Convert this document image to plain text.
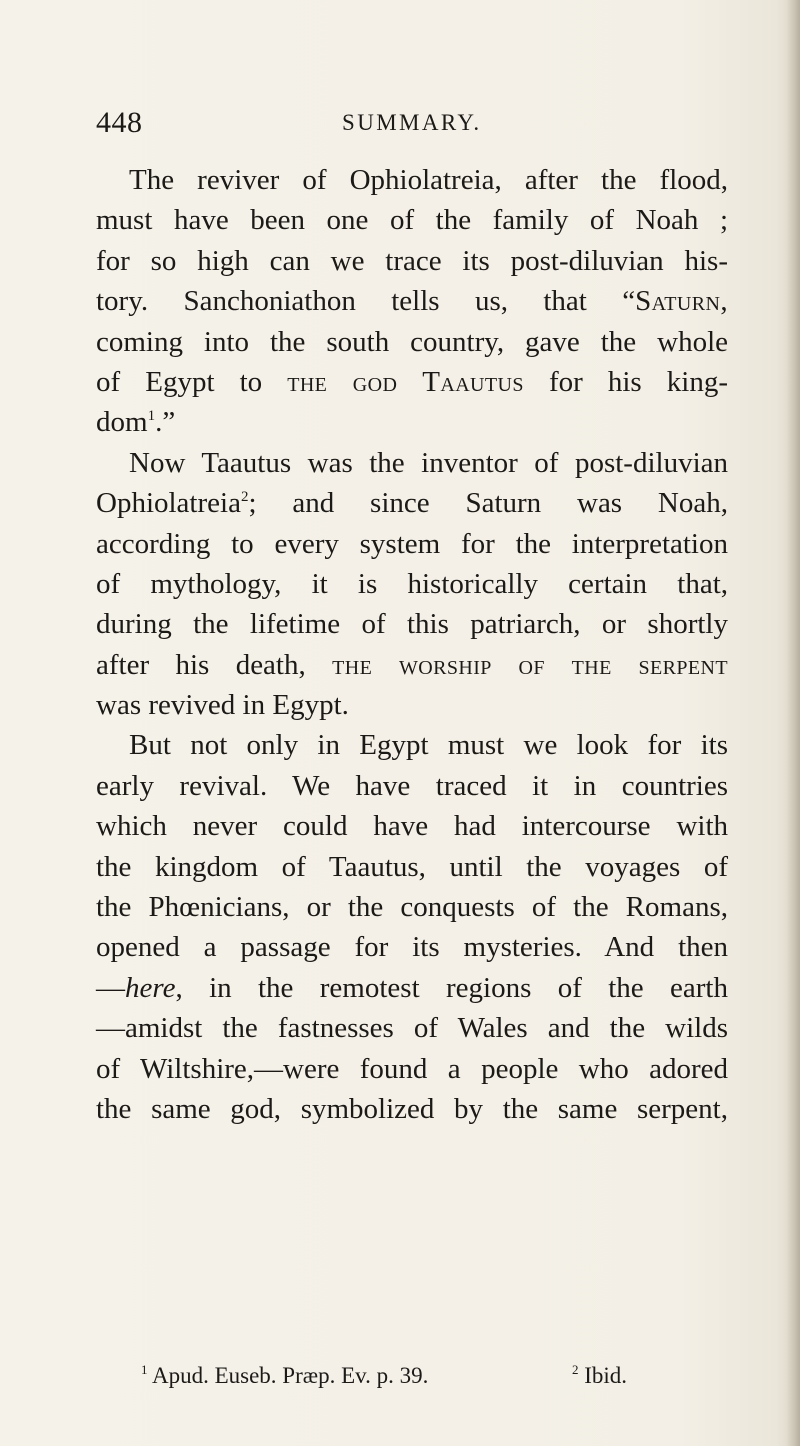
448	SUMMARY.
The reviver of Ophiolatreia, after the flood,
must have been one of the family of Noah ;
for so high can we trace its post-diluvian his-
tory. Sanchoniathon tells us, that “Saturn,
coming into the south country, gave the whole
of Egypt to the god Taautus for his king-
dom$^1$.”
Now Taautus was the inventor of post-diluvian
Ophiolatreia$^2$; and since Saturn was Noah,
according to every system for the interpretation
of mythology, it is historically certain that,
during the lifetime of this patriarch, or shortly
after his death, the worship of the serpent
was revived in Egypt.
But not only in Egypt must we look for its
early revival. We have traced it in countries
which never could have had intercourse with
the kingdom of Taautus, until the voyages of
the Phœnicians, or the conquests of the Romans,
opened a passage for its mysteries. And then
—here, in the remotest regions of the earth
—amidst the fastnesses of Wales and the wilds
of Wiltshire,—were found a people who adored
the same god, symbolized by the same serpent,
$^1$ Apud. Euseb. Præp. Ev. p. 39.	$^2$ Ibid.
